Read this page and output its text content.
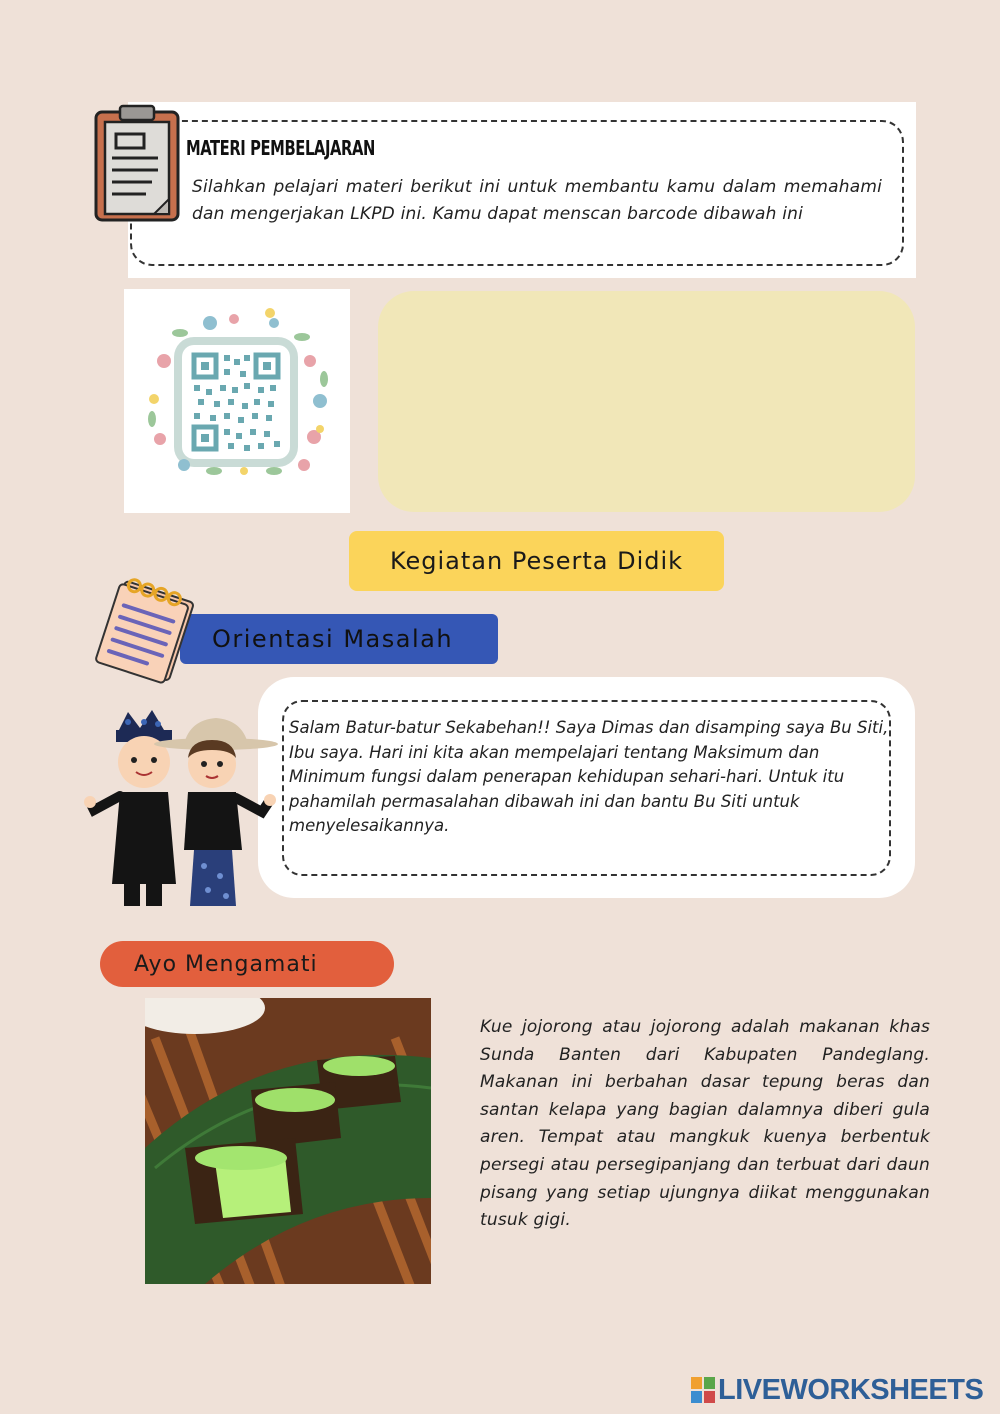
MATERI PEMBELAJARAN
Silahkan pelajari materi berikut ini untuk membantu kamu dalam memahami dan mengerjakan LKPD ini. Kamu dapat menscan barcode dibawah ini
Kegiatan Peserta Didik
Orientasi Masalah
Salam Batur-batur Sekabehan!! Saya Dimas dan disamping saya Bu Siti, Ibu saya. Hari ini kita akan mempelajari tentang Maksimum dan Minimum fungsi dalam penerapan kehidupan sehari-hari. Untuk itu pahamilah permasalahan dibawah ini dan bantu Bu Siti untuk menyelesaikannya.
Ayo Mengamati
Kue jojorong atau jojorong adalah makanan khas Sunda Banten dari Kabupaten Pandeglang. Makanan ini berbahan dasar tepung beras dan santan kelapa yang bagian dalamnya diberi gula aren. Tempat atau mangkuk kuenya berbentuk persegi atau persegipanjang dan terbuat dari daun pisang yang setiap ujungnya diikat menggunakan tusuk gigi.
LIVEWORKSHEETS
